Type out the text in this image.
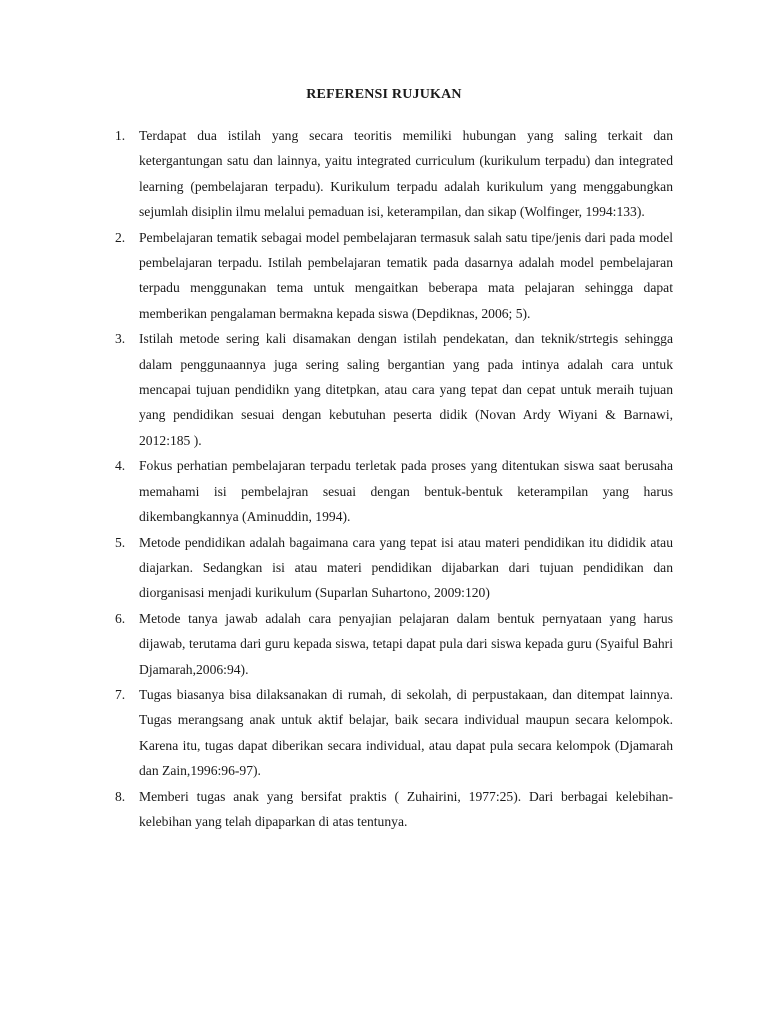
REFERENSI RUJUKAN
1. Terdapat dua istilah yang secara teoritis memiliki hubungan yang saling terkait dan ketergantungan satu dan lainnya, yaitu integrated curriculum (kurikulum terpadu) dan integrated learning (pembelajaran terpadu). Kurikulum terpadu adalah kurikulum yang menggabungkan sejumlah disiplin ilmu melalui pemaduan isi, keterampilan, dan sikap (Wolfinger, 1994:133).
2. Pembelajaran tematik sebagai model pembelajaran termasuk salah satu tipe/jenis dari pada model pembelajaran terpadu. Istilah pembelajaran tematik pada dasarnya adalah model pembelajaran terpadu menggunakan tema untuk mengaitkan beberapa mata pelajaran sehingga dapat memberikan pengalaman bermakna kepada siswa (Depdiknas, 2006; 5).
3. Istilah metode sering kali disamakan dengan istilah pendekatan, dan teknik/strtegis sehingga dalam penggunaannya juga sering saling bergantian yang pada intinya adalah cara untuk mencapai tujuan pendidikn yang ditetpkan, atau cara yang tepat dan cepat untuk meraih tujuan yang pendidikan sesuai dengan kebutuhan peserta didik (Novan Ardy Wiyani & Barnawi, 2012:185 ).
4. Fokus perhatian pembelajaran terpadu terletak pada proses yang ditentukan siswa saat berusaha memahami isi pembelajran sesuai dengan bentuk-bentuk keterampilan yang harus dikembangkannya (Aminuddin, 1994).
5. Metode pendidikan adalah bagaimana cara yang tepat isi atau materi pendidikan itu dididik atau diajarkan. Sedangkan isi atau materi pendidikan dijabarkan dari tujuan pendidikan dan diorganisasi menjadi kurikulum (Suparlan Suhartono, 2009:120)
6. Metode tanya jawab adalah cara penyajian pelajaran dalam bentuk pernyataan yang harus dijawab, terutama dari guru kepada siswa, tetapi dapat pula dari siswa kepada guru (Syaiful Bahri Djamarah,2006:94).
7. Tugas biasanya bisa dilaksanakan di rumah, di sekolah, di perpustakaan, dan ditempat lainnya. Tugas merangsang anak untuk aktif belajar, baik secara individual maupun secara kelompok. Karena itu, tugas dapat diberikan secara individual, atau dapat pula secara kelompok (Djamarah dan Zain,1996:96-97).
8. Memberi tugas anak yang bersifat praktis ( Zuhairini, 1977:25). Dari berbagai kelebihan-kelebihan yang telah dipaparkan di atas tentunya.
